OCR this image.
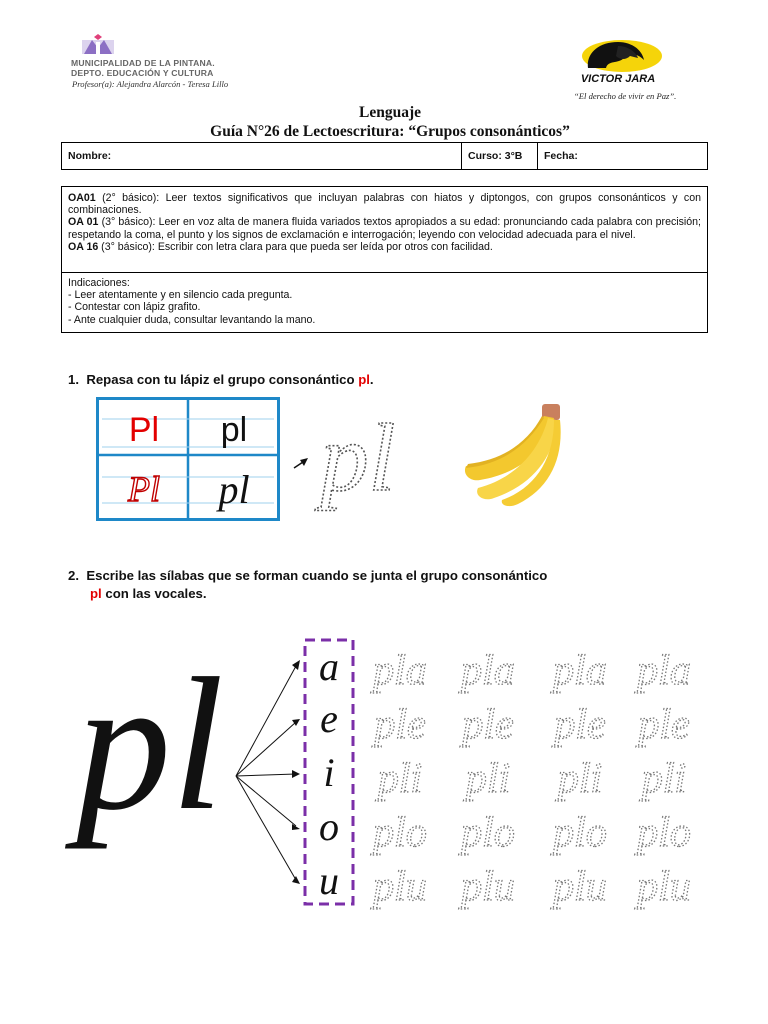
MUNICIPALIDAD DE LA PINTANA.
DEPTO. EDUCACIÓN Y CULTURA
Profesor(a): Alejandra Alarcón - Teresa Lillo	VICTOR JARA
“El derecho de vivir en Paz”.
Lenguaje
Guía N°26 de Lectoescritura: “Grupos consonánticos”
Nombre:	Curso: 3°B	Fecha:

OA01 (2° básico): Leer textos significativos que incluyan palabras con hiatos y diptongos, con grupos consonánticos y con combinaciones.

OA 01 (3° básico): Leer en voz alta de manera fluida variados textos apropiados a su edad: pronunciando cada palabra con precisión; respetando la coma, el punto y los signos de exclamación e interrogación; leyendo con velocidad adecuada para el nivel.

OA 16 (3° básico): Escribir con letra clara para que pueda ser leída por otros con facilidad.

Indicaciones:

- Leer atentamente y en silencio cada pregunta.

- Contestar con lápiz grafito.

- Ante cualquier duda, consultar levantando la mano.

1. Repasa con tu lápiz el grupo consonántico pl.
Pl pl
Pl pl pl
2. Escribe las sílabas que se forman cuando se junta el grupo consonántico
pl con las vocales.
pl a
e
i
o
u
pla pla pla pla
ple ple ple ple
pli pli pli pli
plo plo plo plo
plu plu plu plu
